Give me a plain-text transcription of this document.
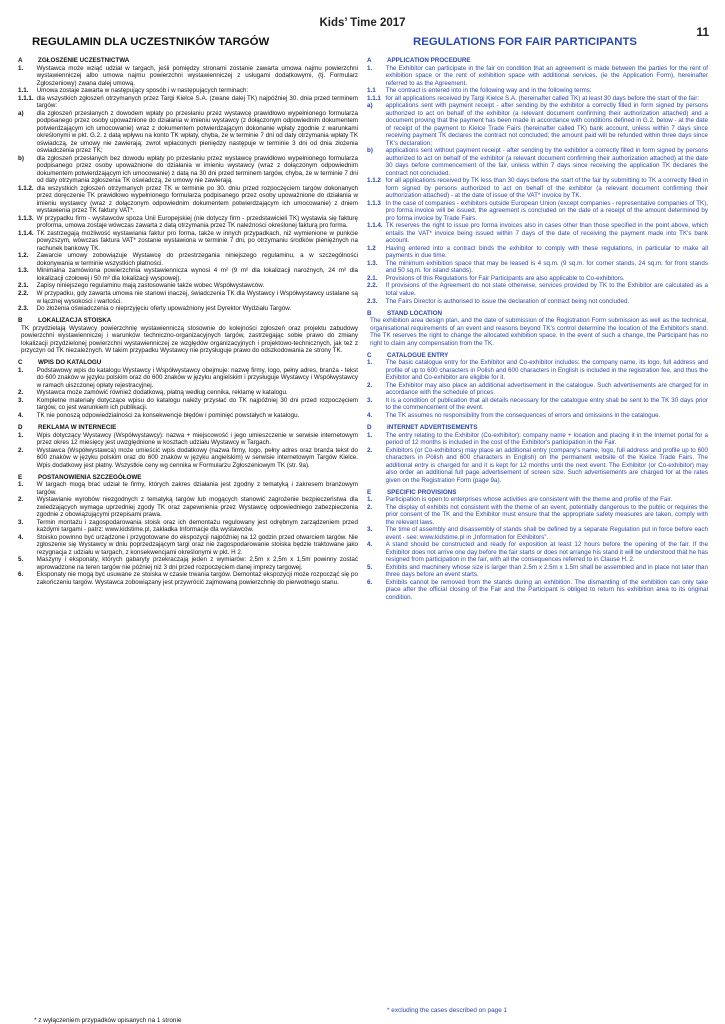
Kids’ Time 2017
11
REGULAMIN DLA UCZESTNIKÓW TARGÓW	REGULATIONS FOR FAIR PARTICIPANTS
A	ZGŁOSZENIE UCZESTNICTWA
1.	Wystawca może wziąć udział w targach, jeśli pomiędzy stronami zostanie zawarta umowa najmu powierzchni wystawienniczej albo umowa najmu powierzchni wystawienniczej z usługami dodatkowymi, (tj. Formularz Zgłoszeniowy) zwana dalej umową.
1.1.	Umowa zostaje zawarta w następujący sposób i w następujących terminach:
1.1.1. dla wszystkich zgłoszeń otrzymanych przez Targi Kielce S.A. (zwane dalej TK) najpóźniej 30. dnia przed terminem targów:
a)	dla zgłoszeń przesłanych z dowodem wpłaty po przesłaniu przez wystawcę prawidłowo wypełnionego formularza podpisanego przez osoby upoważnione do działania w imieniu wystawcy (z dołączonym odpowiednim dokumentem potwierdzającym ich umocowanie) wraz z dokumentem potwierdzającym dokonanie wpłaty zgodnie z warunkami określonymi w pkt. G.2. z datą wpływu na konto TK wpłaty, chyba, że w terminie 7 dni od daty otrzymania wpłaty TK oświadczą, że umowy nie zawierają; zwrot wpłaconych pieniędzy następuje w terminie 3 dni od dnia złożenia oświadczenia przez TK;
b)	dla zgłoszeń przesłanych bez dowodu wpłaty po przesłaniu przez wystawcę prawidłowo wypełnionego formularza podpisanego przez osoby upoważnione do działania w imieniu wystawcy (wraz z dołączonym odpowiednim dokumentem potwierdzającym ich umocowanie) z datą na 30 dni przed terminem targów, chyba, że w terminie 7 dni od daty otrzymania zgłoszenia TK oświadczą, że umowy nie zawierają.
1.1.2. dla wszystkich zgłoszeń otrzymanych przez TK w terminie po 30. dniu przed rozpoczęciem targów dokonanych przez doręczenie TK prawidłowo wypełnionego formularza podpisanego przez osoby upoważnione do działania w imieniu wystawcy (wraz z dołączonym odpowiednim dokumentem potwierdzającym ich umocowanie) z dniem wystawienia przez TK faktury VAT*.
1.1.3. W przypadku firm - wystawców spoza Unii Europejskiej (nie dotyczy firm - przedstawicieli TK) wystawia się fakturę proforma, umowa zostaje wówczas zawarta z datą otrzymania przez TK należności określonej fakturą pro forma.
1.1.4. TK zastrzegają możliwość wystawiania faktur pro forma, także w innych przypadkach, niż wymienione w punkcie powyższym, wówczas faktura VAT* zostanie wystawiona w terminie 7 dni, po otrzymaniu środków pieniężnych na rachunek bankowy TK.
1.2.	Zawarcie umowy zobowiązuje Wystawcę do przestrzegania niniejszego regulaminu, a w szczególności dokonywania w terminie wszystkich płatności.
1.3.	Minimalna zamówiona powierzchnia wystawiennicza wynosi 4 m² (9 m² dla lokalizacji narożnych, 24 m² dla lokalizacji czołowej i 50 m² dla lokalizacji wyspowej).
2.1.	Zapisy niniejszego regulaminu mają zastosowanie także wobec Współwystawców.
2.2.	W przypadku, gdy zawarta umowa nie stanowi inaczej, świadczenia TK dla Wystawcy i Współwystawcy ustalane są w łącznej wysokości i wartości.
2.3.	Do złożenia oświadczenia o nieprzyjęciu oferty upoważniony jest Dyrektor Wydziału Targów.
B	LOKALIZACJA STOISKA
TK przydzielają Wystawcy powierzchnię wystawienniczą stosownie do kolejności zgłoszeń oraz projektu zabudowy powierzchni wystawienniczej i warunków techniczno-organizacyjnych targów, zastrzegając sobie prawo do zmiany lokalizacji przydzielonej powierzchni wystawienniczej ze względów organizacyjnych i projektowo-technicznych, jak też z przyczyn od TK niezależnych. W takim przypadku Wystawcy nie przysługuje prawo do odszkodowania ze strony TK.
C	WPIS DO KATALOGU
1.	Podstawowy wpis do katalogu Wystawcy i Współwystawcy obejmuje: nazwę firmy, logo, pełny adres, branża - tekst do 600 znaków w języku polskim oraz do 600 znaków w języku angielskim i przysługuje Wystawcy i Współwystawcy w ramach uiszczonej opłaty rejestracyjnej.
2.	Wystawca może zamówić również dodatkową, płatną według cennika, reklamę w katalogu.
3.	Kompletne materiały dotyczące wpisu do katalogu należy przysłać do TK najpóźniej 30 dni przed rozpoczęciem targów, co jest warunkiem ich publikacji.
4.	TK nie ponoszą odpowiedzialności za konsekwencje błędów i pominięć powstałych w katalogu.
D	REKLAMA W INTERNECIE
1.	Wpis dotyczący Wystawcy (Współwystawcy): nazwa + miejscowość i jego umieszczenie w serwisie internetowym przez okres 12 miesięcy jest uwzględnione w kosztach udziału Wystawcy w Targach.
2.	Wystawca (Współwystawca) może umieścić wpis dodatkowy (nazwa firmy, logo, pełny adres oraz branża tekst do 600 znaków w języku polskim oraz do 600 znaków w języku angielskim) w serwisie internetowym Targów Kielce. Wpis dodatkowy jest płatny. Wszystkie ceny wg cennika w Formularzu Zgłoszeniowym TK (str. 9a).
E	POSTANOWIENIA SZCZEGÓŁOWE
1.	W targach mogą brać udział te firmy, których zakres działania jest zgodny z tematyką i zakresem branżowym targów.
2.	Wystawianie wyrobów niezgodnych z tematyką targów lub mogących stanowić zagrożenie bezpieczeństwa dla zwiedzających wymaga uprzedniej zgody TK oraz zapewnienia przez Wystawcę odpowiedniego zabezpieczenia zgodnie z obowiązującymi przepisami prawa.
3.	Termin montażu i zagospodarowania stoisk oraz ich demontażu regulowany jest odrębnym zarządzeniem przed każdymi targami - patrz: www.kidstime.pl, zakładka Informacje dla wystawców.
4.	Stoisko powinno być urządzone i przygotowane do ekspozycji najpóźniej na 12 godzin przed otwarciem targów. Nie zgłoszenie się Wystawcy w dniu poprzedzającym targi oraz nie zagospodarowanie stoiska będzie traktowane jako rezygnacja z udziału w targach, z konsekwencjami określonymi w pkt. H 2.
5.	Maszyny i eksponaty, których gabaryty przekraczają jeden z wymiarów: 2,5m x 2,5m x 1,5m powinny zostać wprowadzone na teren targów nie później niż 3 dni przed rozpoczęciem danej imprezy targowej.
6.	Eksponaty nie mogą być usuwane ze stoiska w czasie trwania targów. Demontaż ekspozycji może rozpocząć się po zakończeniu targów. Wystawca zobowiązany jest przywrócić zajmowaną powierzchnię do pierwotnego stanu.
A	APPLICATION PROCEDURE
1.	The Exhibitor can participate in the fair on condition that an agreement is made between the parties for the rent of exhibition space or the rent of exhibition space with additional services, (ie the Application Form), hereinafter referred to as the Agreement.
1.1	The contract is entered into in the following way and in the following terms:
1.1.1 for all applications received by Targi Kielce S.A. (hereinafter called TK) at least 30 days before the start of the fair:
a)	applications sent with payment receipt - after sending by the exhibitor a correctly filled in form signed by persons authorized to act on behalf of the exhibitor (a relevant document confirming their authorization attached) and a document proving that the payment has been made in accordance with conditions defined in G.2. below - at the date of receipt of the payment to Kielce Trade Fairs (hereinafter called TK) bank account, unless within 7 days since receiving payment TK declares the contract not concluded; the amount paid will be refunded within three days since TK's declaration;
b)	applications sent without payment receipt - after sending by the exhibitor a correctly filled in form signed by persons authorized to act on behalf of the exhibitor (a relevant document confirming their authorization attached) at the date 30 days before commencement of the fair, unless within 7 days since receiving the application TK declares the contract not concluded.
1.1.2 for all applications received by TK less than 30 days before the start of the fair by submitting to TK a correctly filled in form signed by persons authorized to act on behalf of the exhibitor (a relevant document confirming their authorization attached) - at the date of issue of the VAT* invoice by TK.
1.1.3 In the case of companies - exhibitors outside European Union (except companies - representative companies of TK), pro forma invoice will be issued, the agreement is concluded on the date of a receipt of the amount determined by pro forma invoice by Trade Fairs.
1.1.4. TK reserves the right to issue pro forma invoices also in cases other than those specified in the point above, which entails the VAT* invoice being issued within 7 days of the date of receiving the payment made into TK's bank account.
1.2	Having entered into a contract binds the exhibitor to comply with these regulations, in particular to make all payments in due time.
1.3.	The minimum exhibition space that may be leased is 4 sq.m. (9 sq.m. for corner stands, 24 sq.m. for front stands and 50 sq.m. for island stands).
2.1.	Provisions of this Regulations for Fair Participants are also applicable to Co-exhibitors.
2.2.	If provisions of the Agreement do not state otherwise, services provided by TK to the Exhibitor are calculated as a total value.
2.3.	The Fairs Director is authorised to issue the declaration of contract being not concluded.
B	STAND LOCATION
The exhibition area design plan, and the date of submission of the Registration Form submission as well as the technical, organisational requirements of an event and reasons beyond TK's control determine the location of the Exhibitor's stand. The TK reserves the right to change the allocated exhibition space. In the event of such a change, the Participant has no right to claim any compensation from the TK.
C	CATALOGUE ENTRY
1.	The basic catalogue entry for the Exhibitor and Co-exhibitor includes: the company name, its logo, full address and profile of up to 600 characters in Polish and 600 characters in English is included in the registration fee, and thus the Exhibitor and Co-exhibitor are eligible for it.
2.	The Exhibitor may also place an additional advertisement in the catalogue. Such advertisements are charged for in accordance with the schedule of prices.
3.	It is a condition of publication that all details necessary for the catalogue entry shall be sent to the TK 30 days prior to the commencement of the event.
4.	The TK assumes no responsibility from the consequences of errors and omissions in the catalogue.
D	INTERNET ADVERTISEMENTS
1.	The entry relating to the Exhibitor (Co-exhibitor): company name + location and placing it in the Internet portal for a period of 12 months is included in the cost of the Exhibitor's participation in the Fair.
2.	Exhibitors (or Co-exhibitors) may place an additional entry (company's name, logo, full address and profile up to 600 characters in Polish and 600 characters in English) on the permanent website of the Kielce Trade Fairs. The additional entry is charged for and it is kept for 12 months until the next event. The Exhibitor (or Co-exhibitor) may also order an additional full page advertisement of screen size. Such advertisements are charged for at the rates given on the Registration Form (page 9a).
E	SPECIFIC PROVISIONS
1.	Participation is open to enterprises whose activities are consistent with the theme and profile of the Fair.
2.	The display of exhibits not consistent with the theme of an event, potentially dangerous to the public or requires the prior consent of the TK and the Exhibitor must ensure that the appropriate safety measures are taken, comply with the relevant laws.
3.	The time of assembly and disassembly of stands shall be defined by a separate Regulation put in force before each event - see: www.kidstime.pl in „Information for Exhibitors”.
4.	A stand should be constructed and ready for exposition at least 12 hours before the opening of the fair. If the Exhibitor does not arrive one day before the fair starts or does not arrange his stand it will be understood that he has resigned from participation in the fair, with all the consequences referred to in Clause H. 2.
5.	Exhibits and machinery whose size is larger than 2.5m x 2.5m x 1.5m shall be assembled and in place not later than three days before an event starts.
6.	Exhibits cannot be removed from the stands during an exhibition. The dismantling of the exhibition can only take place after the official closing of the Fair and the Participant is obliged to return his exhibition area to its original condition.
* z wyłączeniem przypadków opisanych na 1 stronie
* excluding the cases described on page 1
